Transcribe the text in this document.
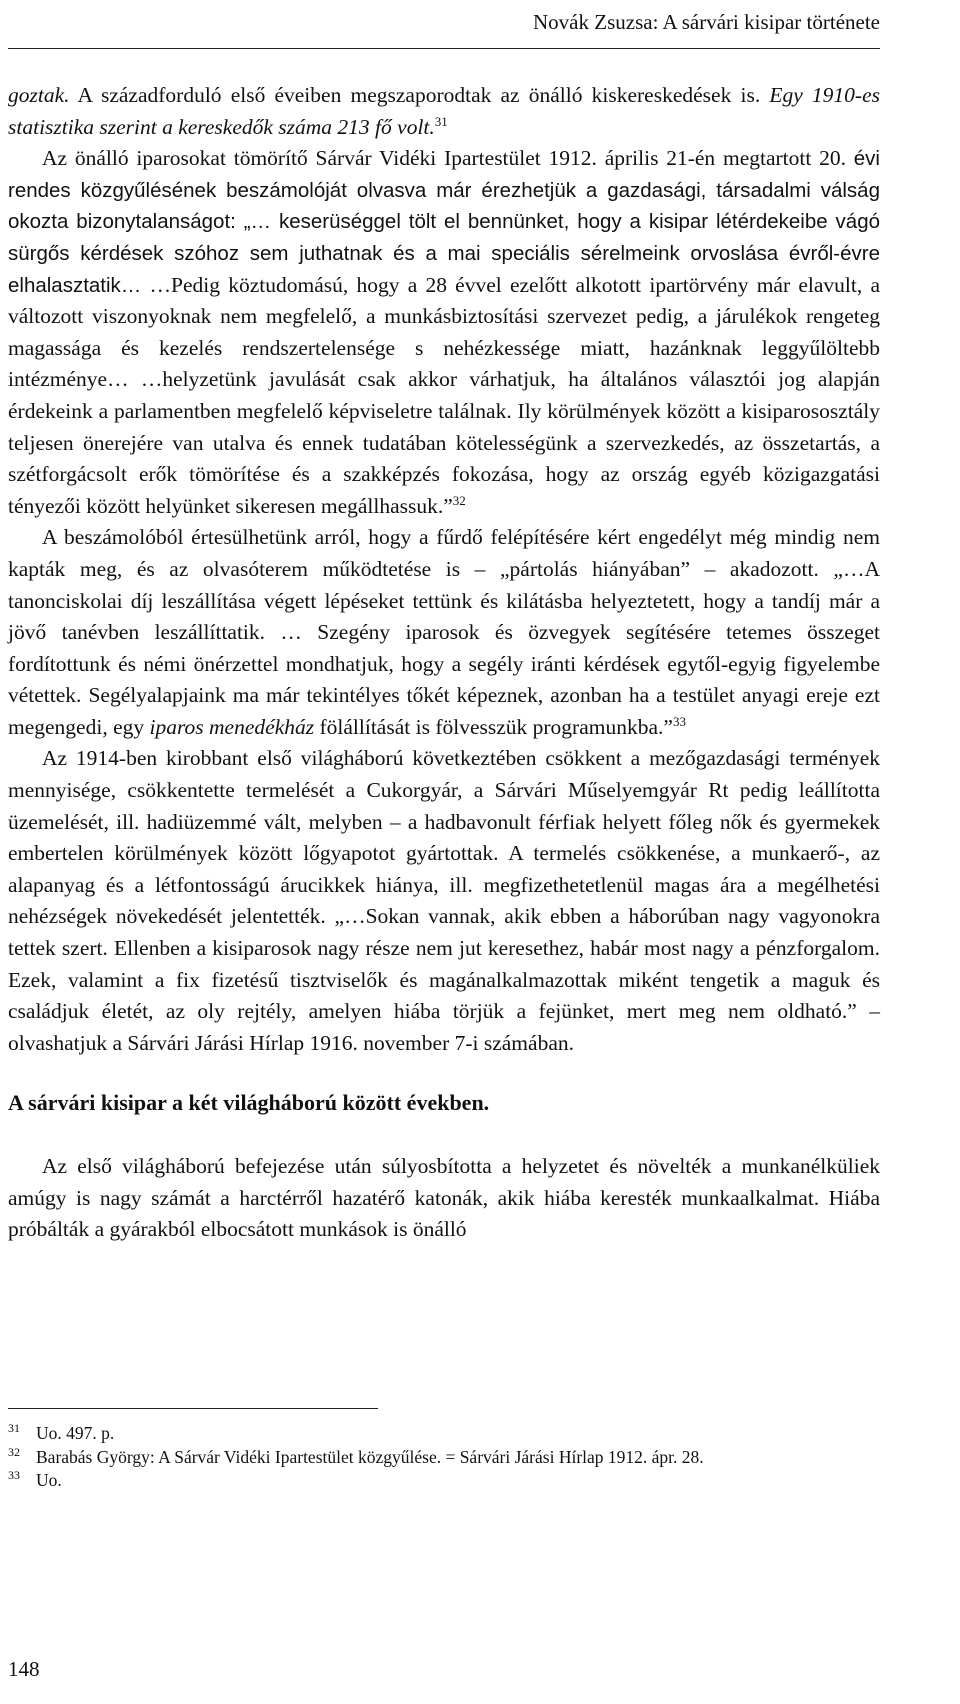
Novák Zsuzsa: A sárvári kisipar története

goztak. A századforduló első éveiben megszaporodtak az önálló kiskereskedések is. Egy 1910-es statisztika szerint a kereskedők száma 213 fő volt.$^{31}$

Az önálló iparosokat tömörítő Sárvár Vidéki Ipartestület 1912. április 21-én megtartott 20. évi rendes közgyűlésének beszámolóját olvasva már érezhetjük a gazdasági, társadalmi válság okozta bizonytalanságot: „… keserüséggel tölt el bennünket, hogy a kisipar létérdekeibe vágó sürgős kérdések szóhoz sem juthatnak és a mai speciális sérelmeink orvoslása évről-évre elhalasztatik… …Pedig köztudomású, hogy a 28 évvel ezelőtt alkotott ipartörvény már elavult, a változott viszonyoknak nem megfelelő, a munkásbiztosítási szervezet pedig, a járulékok rengeteg magassága és kezelés rendszertelensége s nehézkessége miatt, hazánknak leggyűlöltebb intézménye… …helyzetünk javulását csak akkor várhatjuk, ha általános választói jog alapján érdekeink a parlamentben megfelelő képviseletre találnak. Ily körülmények között a kisiparososztály teljesen önerejére van utalva és ennek tudatában kötelességünk a szervezkedés, az összetartás, a szétforgácsolt erők tömörítése és a szakképzés fokozása, hogy az ország egyéb közigazgatási tényezői között helyünket sikeresen megállhassuk.”$^{32}$

A beszámolóból értesülhetünk arról, hogy a fűrdő felépítésére kért engedélyt még mindig nem kapták meg, és az olvasóterem működtetése is – „pártolás hiányában” – akadozott. „…A tanonciskolai díj leszállítása végett lépéseket tettünk és kilátásba helyeztetett, hogy a tandíj már a jövő tanévben leszállíttatik. … Szegény iparosok és özvegyek segítésére tetemes összeget fordítottunk és némi önérzettel mondhatjuk, hogy a segély iránti kérdések egytől-egyig figyelembe vétettek. Segélyalapjaink ma már tekintélyes tőkét képeznek, azonban ha a testület anyagi ereje ezt megengedi, egy iparos menedékház fölállítását is fölvesszük programunkba.”$^{33}$

Az 1914-ben kirobbant első világháború következtében csökkent a mezőgazdasági termények mennyisége, csökkentette termelését a Cukorgyár, a Sárvári Műselyemgyár Rt pedig leállította üzemelését, ill. hadiüzemmé vált, melyben – a hadbavonult férfiak helyett főleg nők és gyermekek embertelen körülmények között lőgyapotot gyártottak. A termelés csökkenése, a munkaerő-, az alapanyag és a létfontosságú árucikkek hiánya, ill. megfizethetetlenül magas ára a megélhetési nehézségek növekedését jelentették. „…Sokan vannak, akik ebben a háborúban nagy vagyonokra tettek szert. Ellenben a kisiparosok nagy része nem jut keresethez, habár most nagy a pénzforgalom. Ezek, valamint a fix fizetésű tisztviselők és magánalkalmazottak miként tengetik a maguk és családjuk életét, az oly rejtély, amelyen hiába törjük a fejünket, mert meg nem oldható.” – olvashatjuk a Sárvári Járási Hírlap 1916. november 7-i számában.

A sárvári kisipar a két világháború között években.

Az első világháború befejezése után súlyosbította a helyzetet és növelték a munkanélküliek amúgy is nagy számát a harctérről hazatérő katonák, akik hiába keresték munkaalkalmat. Hiába próbálták a gyárakból elbocsátott munkások is önálló

31 Uo. 497. p.
32 Barabás György: A Sárvár Vidéki Ipartestület közgyűlése. = Sárvári Járási Hírlap 1912. ápr. 28.
33 Uo.
148
